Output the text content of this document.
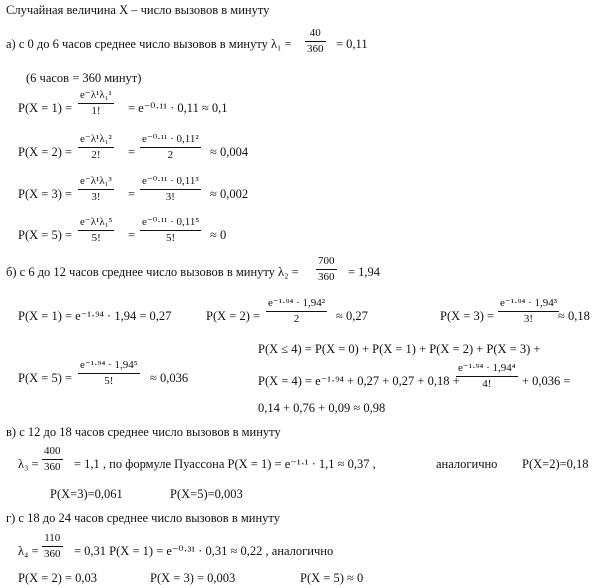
Случайная величина X – число вызовов в минуту
а) с 0 до 6 часов среднее число вызовов в минуту λ₁ =
40
360 = 0,11
(6 часов = 360 минут)
P(X = 1) =
e⁻λ¹λ₁¹
1! = e⁻⁰·¹¹ · 0,11 ≈ 0,1
P(X = 2) =
e⁻λ¹λ₁²
2! =
e⁻⁰·¹¹ · 0,11²
2	≈ 0,004
P(X = 3) =
e⁻λ¹λ₁³
3! =
e⁻⁰·¹¹ · 0,11³
3!	≈ 0,002
P(X = 5) =
e⁻λ¹λ₁⁵
5! =
e⁻⁰·¹¹ · 0,11⁵
5!	≈ 0
б) с 6 до 12 часов среднее число вызовов в минуту λ₂ =
700
360 = 1,94
P(X = 1) = e⁻¹·⁹⁴ · 1,94 = 0,27	P(X = 2) =
e⁻¹·⁹⁴ · 1,94²
2	≈ 0,27	P(X = 3) =
e⁻¹·⁹⁴ · 1,94³
3! ≈ 0,18
P(X ≤ 4) = P(X = 0) + P(X = 1) + P(X = 2) + P(X = 3) +
P(X = 5) =
e⁻¹·⁹⁴ · 1,94⁵
5!	≈ 0,036	P(X = 4) = e⁻¹·⁹⁴ + 0,27 + 0,27 + 0,18 +
e⁻¹·⁹⁴ · 1,94⁴
4! + 0,036 =
0,14 + 0,76 + 0,09 ≈ 0,98
в) с 12 до 18 часов среднее число вызовов в минуту
λ₃ =
400
360 = 1,1 , по формуле Пуассона P(X = 1) = e⁻¹·¹ · 1,1 ≈ 0,37 ,	аналогично P(X=2)=0,18
P(X=3)=0,061	P(X=5)=0,003
г) с 18 до 24 часов среднее число вызовов в минуту
λ₄ =
110
360 = 0,31 P(X = 1) = e⁻⁰·³¹ · 0,31 ≈ 0,22 , аналогично
P(X = 2) = 0,03	P(X = 3) = 0,003	P(X = 5) ≈ 0
